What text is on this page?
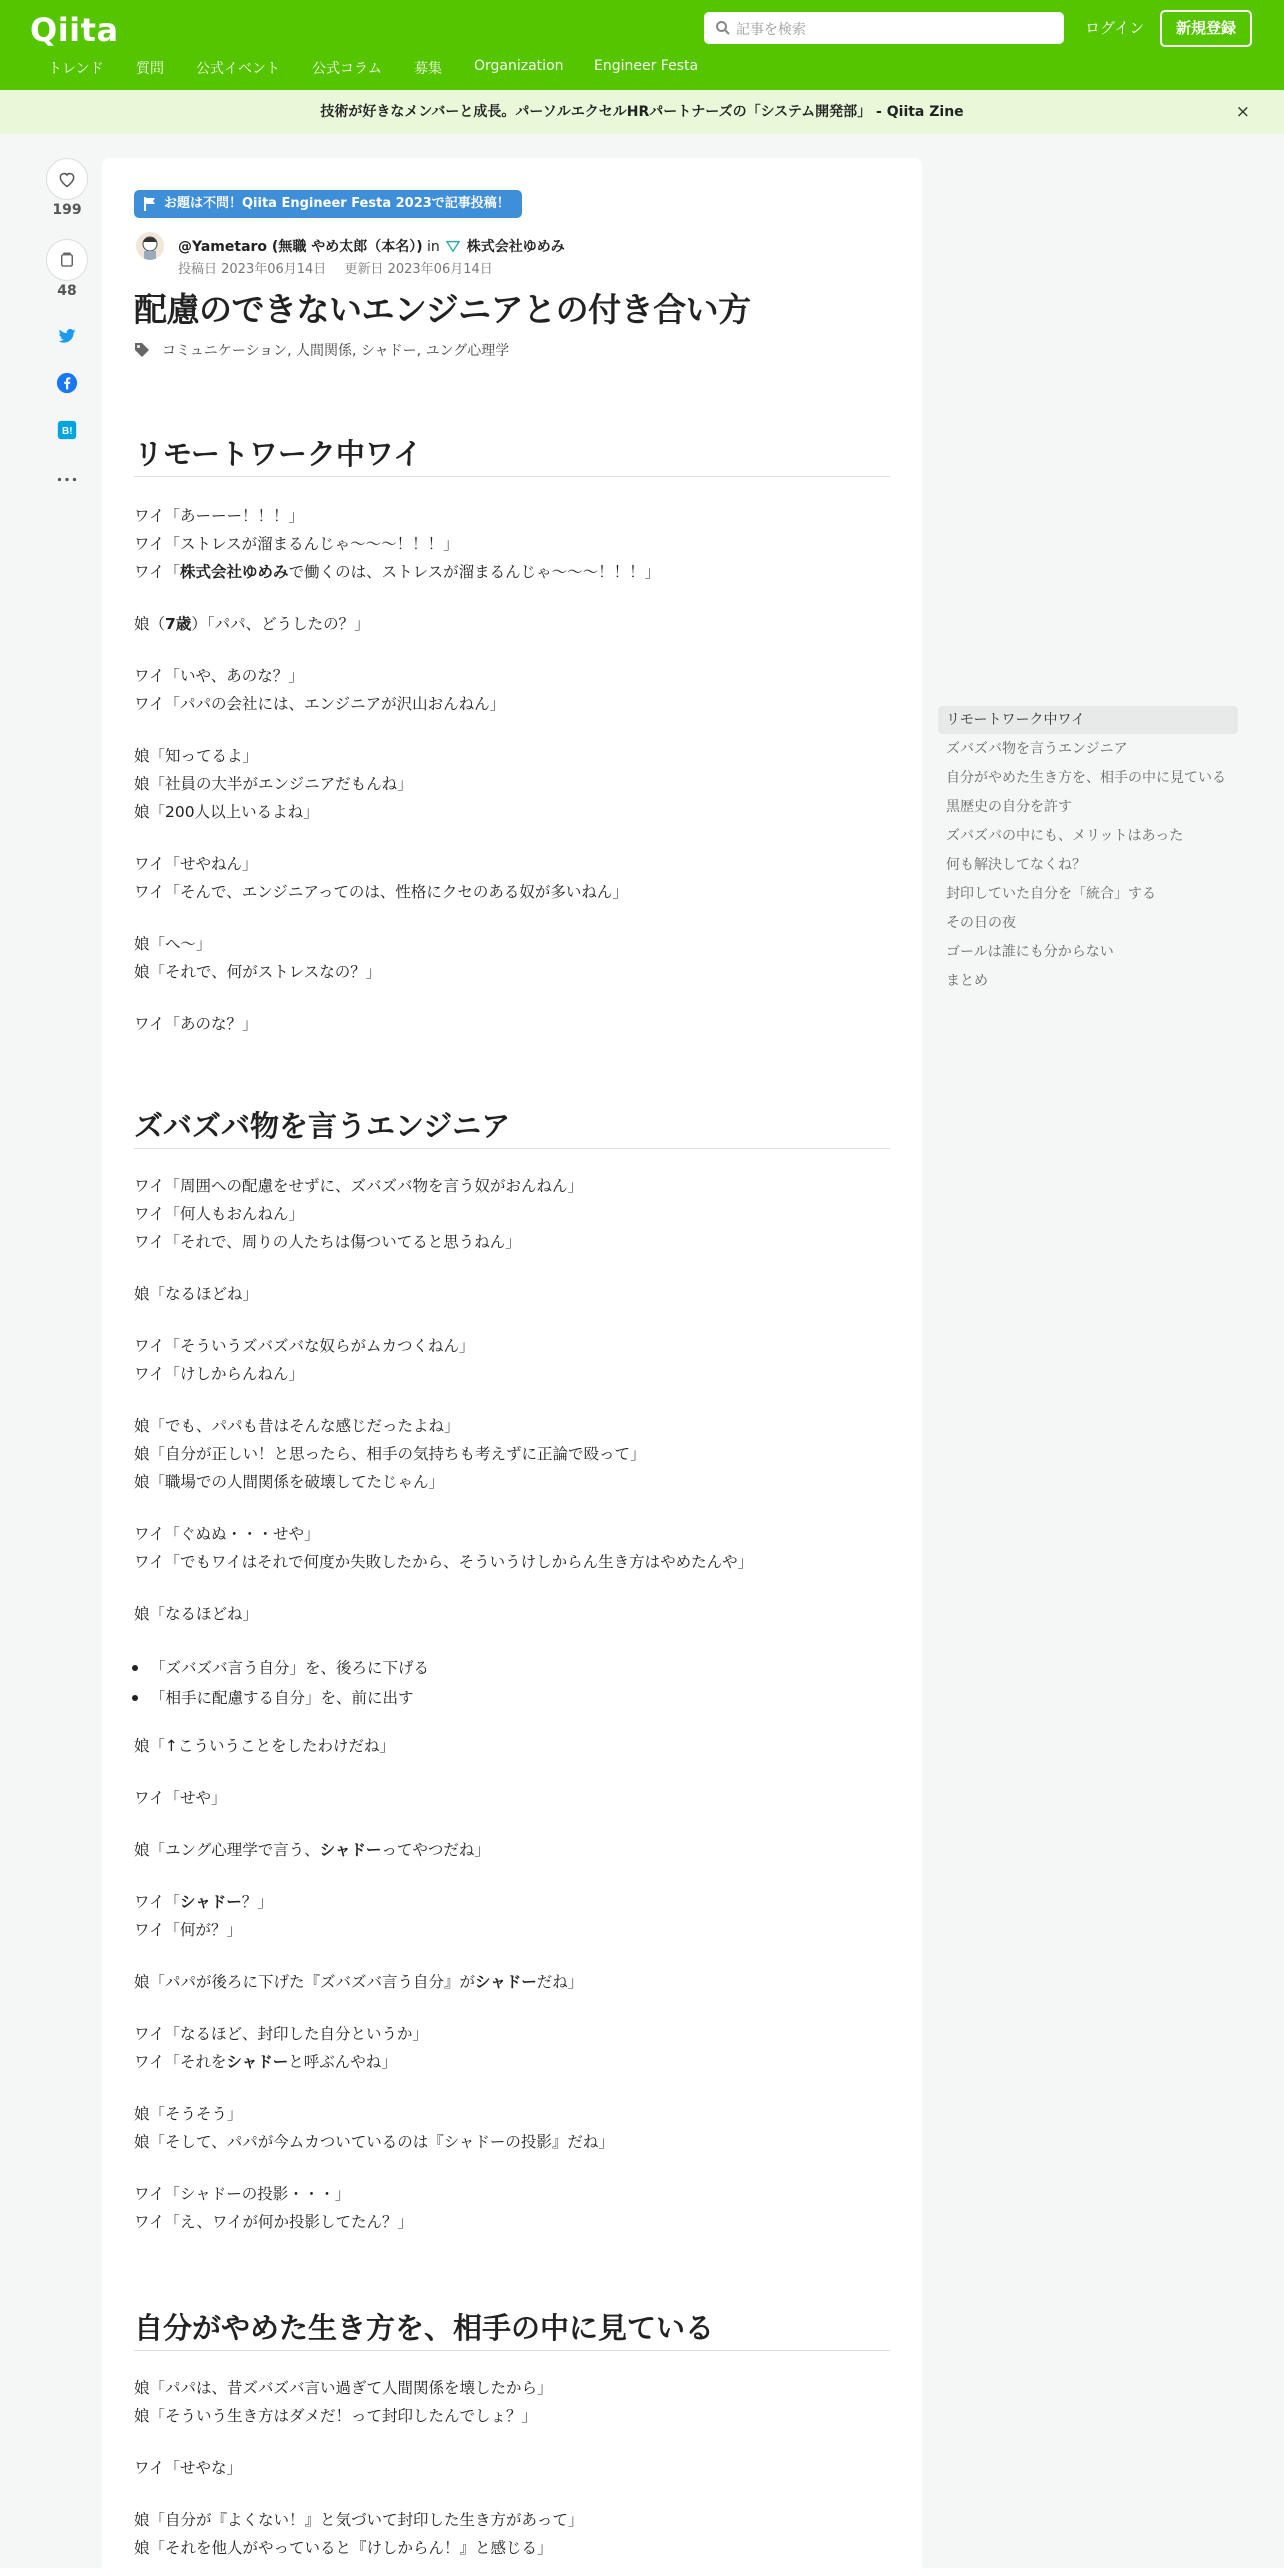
Qiita	記事を検索	ログイン	新規登録
トレンド 質問 公式イベント 公式コラム 募集 Organization Engineer Festa
技術が好きなメンバーと成長。パーソルエクセルHRパートナーズの「システム開発部」 - Qiita Zine	×
199
48
B!
お題は不問！Qiita Engineer Festa 2023で記事投稿！
@Yametaro (無職 やめ太郎（本名）) in 株式会社ゆめみ
投稿日 2023年06月14日 更新日 2023年06月14日
配慮のできないエンジニアとの付き合い方
コミュニケーション, 人間関係, シャドー, ユング心理学
リモートワーク中ワイ
ワイ「あーーー！！！」
ワイ「ストレスが溜まるんじゃ〜〜〜！！！」
ワイ「株式会社ゆめみで働くのは、ストレスが溜まるんじゃ〜〜〜！！！」
娘（7歳）「パパ、どうしたの？」
ワイ「いや、あのな？」
ワイ「パパの会社には、エンジニアが沢山おんねん」
娘「知ってるよ」
娘「社員の大半がエンジニアだもんね」
娘「200人以上いるよね」
ワイ「せやねん」
ワイ「そんで、エンジニアってのは、性格にクセのある奴が多いねん」
娘「へ〜」
娘「それで、何がストレスなの？」
ワイ「あのな？」
ズバズバ物を言うエンジニア
ワイ「周囲への配慮をせずに、ズバズバ物を言う奴がおんねん」
ワイ「何人もおんねん」
ワイ「それで、周りの人たちは傷ついてると思うねん」
娘「なるほどね」
ワイ「そういうズバズバな奴らがムカつくねん」
ワイ「けしからんねん」
娘「でも、パパも昔はそんな感じだったよね」
娘「自分が正しい！と思ったら、相手の気持ちも考えずに正論で殴って」
娘「職場での人間関係を破壊してたじゃん」
ワイ「ぐぬぬ・・・せや」
ワイ「でもワイはそれで何度か失敗したから、そういうけしからん生き方はやめたんや」
娘「なるほどね」
「ズバズバ言う自分」を、後ろに下げる
「相手に配慮する自分」を、前に出す
娘「↑こういうことをしたわけだね」
ワイ「せや」
娘「ユング心理学で言う、シャドーってやつだね」
ワイ「シャドー？」
ワイ「何が？」
娘「パパが後ろに下げた『ズバズバ言う自分』がシャドーだね」
ワイ「なるほど、封印した自分というか」
ワイ「それをシャドーと呼ぶんやね」
娘「そうそう」
娘「そして、パパが今ムカついているのは『シャドーの投影』だね」
ワイ「シャドーの投影・・・」
ワイ「え、ワイが何か投影してたん？」
自分がやめた生き方を、相手の中に見ている
娘「パパは、昔ズバズバ言い過ぎて人間関係を壊したから」
娘「そういう生き方はダメだ！って封印したんでしょ？」
ワイ「せやな」
娘「自分が『よくない！』と気づいて封印した生き方があって」
娘「それを他人がやっていると『けしからん！』と感じる」
リモートワーク中ワイ
ズバズバ物を言うエンジニア
自分がやめた生き方を、相手の中に見ている
黒歴史の自分を許す
ズバズバの中にも、メリットはあった
何も解決してなくね？
封印していた自分を「統合」する
その日の夜
ゴールは誰にも分からない
まとめ
